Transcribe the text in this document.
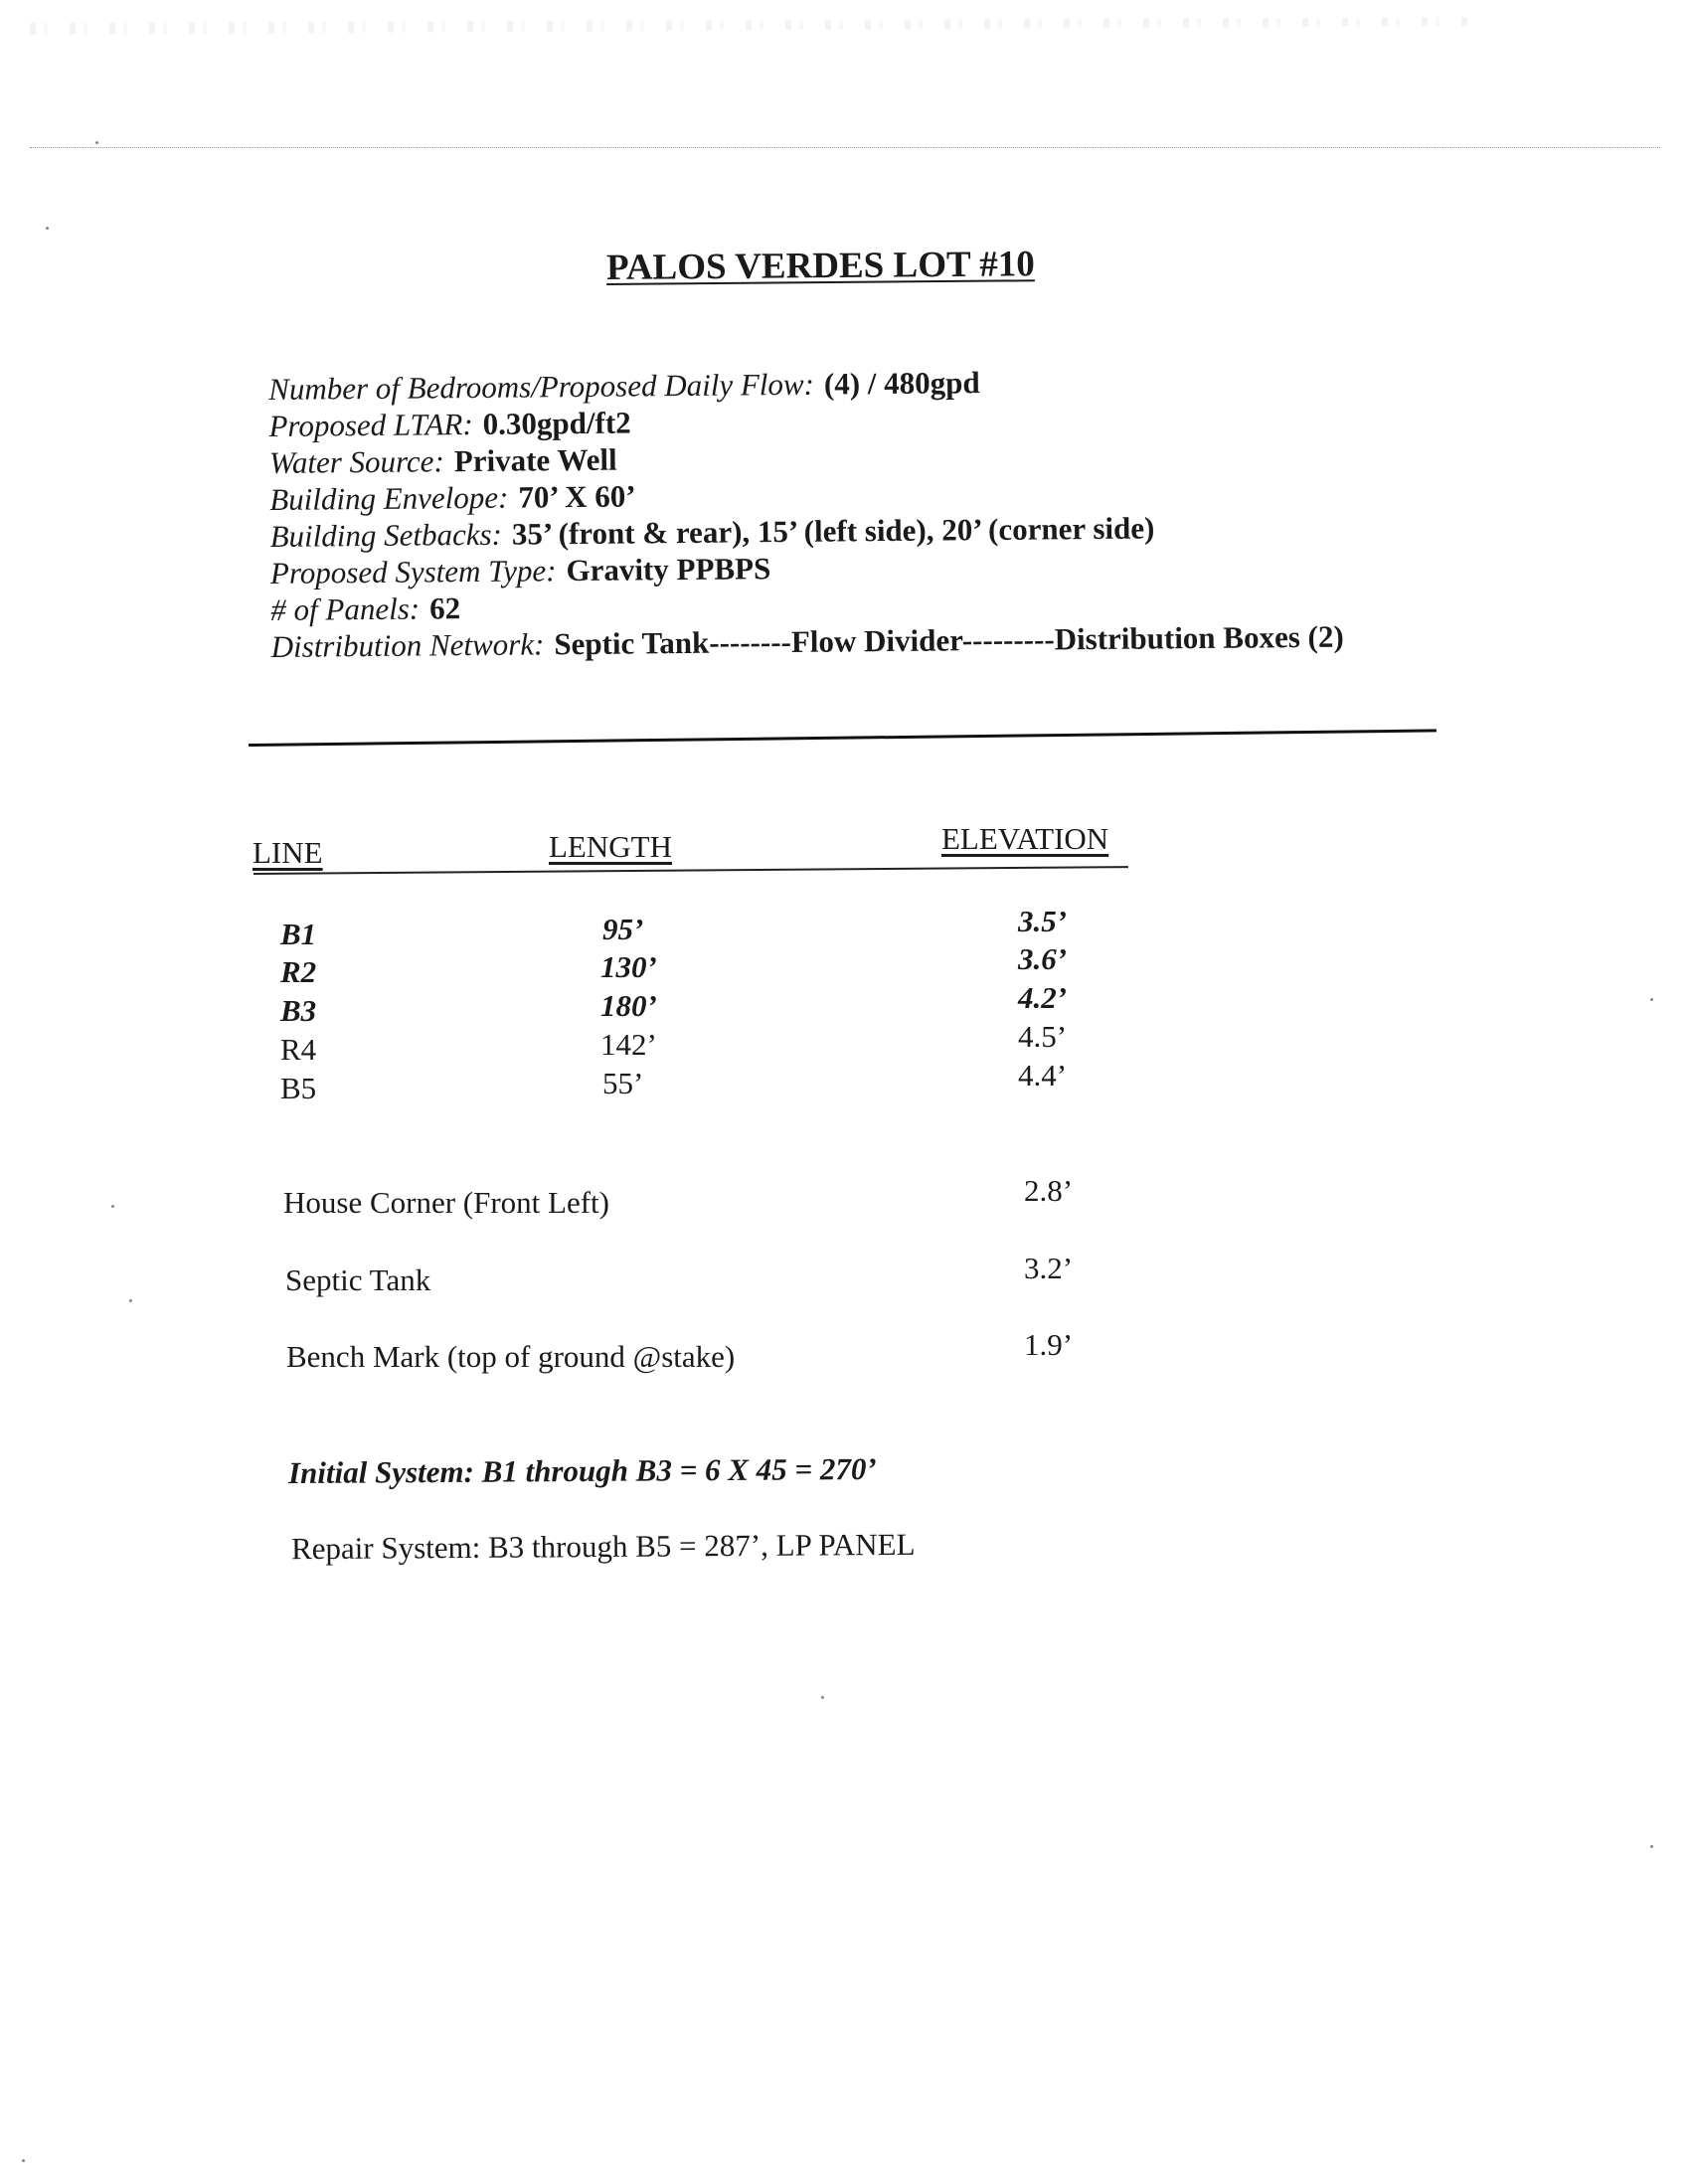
PALOS VERDES LOT #10
Number of Bedrooms/Proposed Daily Flow: (4) / 480gpd
Proposed LTAR: 0.30gpd/ft2
Water Source: Private Well
Building Envelope: 70’ X 60’
Building Setbacks: 35’ (front & rear), 15’ (left side), 20’ (corner side)
Proposed System Type: Gravity PPBPS
# of Panels: 62
Distribution Network: Septic Tank--------Flow Divider---------Distribution Boxes (2)
LINE	LENGTH	ELEVATION
B1	95’	3.5’
R2	130’	3.6’
B3	180’	4.2’
R4	142’	4.5’
B5	55’	4.4’
House Corner (Front Left)	2.8’
Septic Tank	3.2’
Bench Mark (top of ground @stake)	1.9’
Initial System: B1 through B3 = 6 X 45 = 270’
Repair System: B3 through B5 = 287’, LP PANEL
